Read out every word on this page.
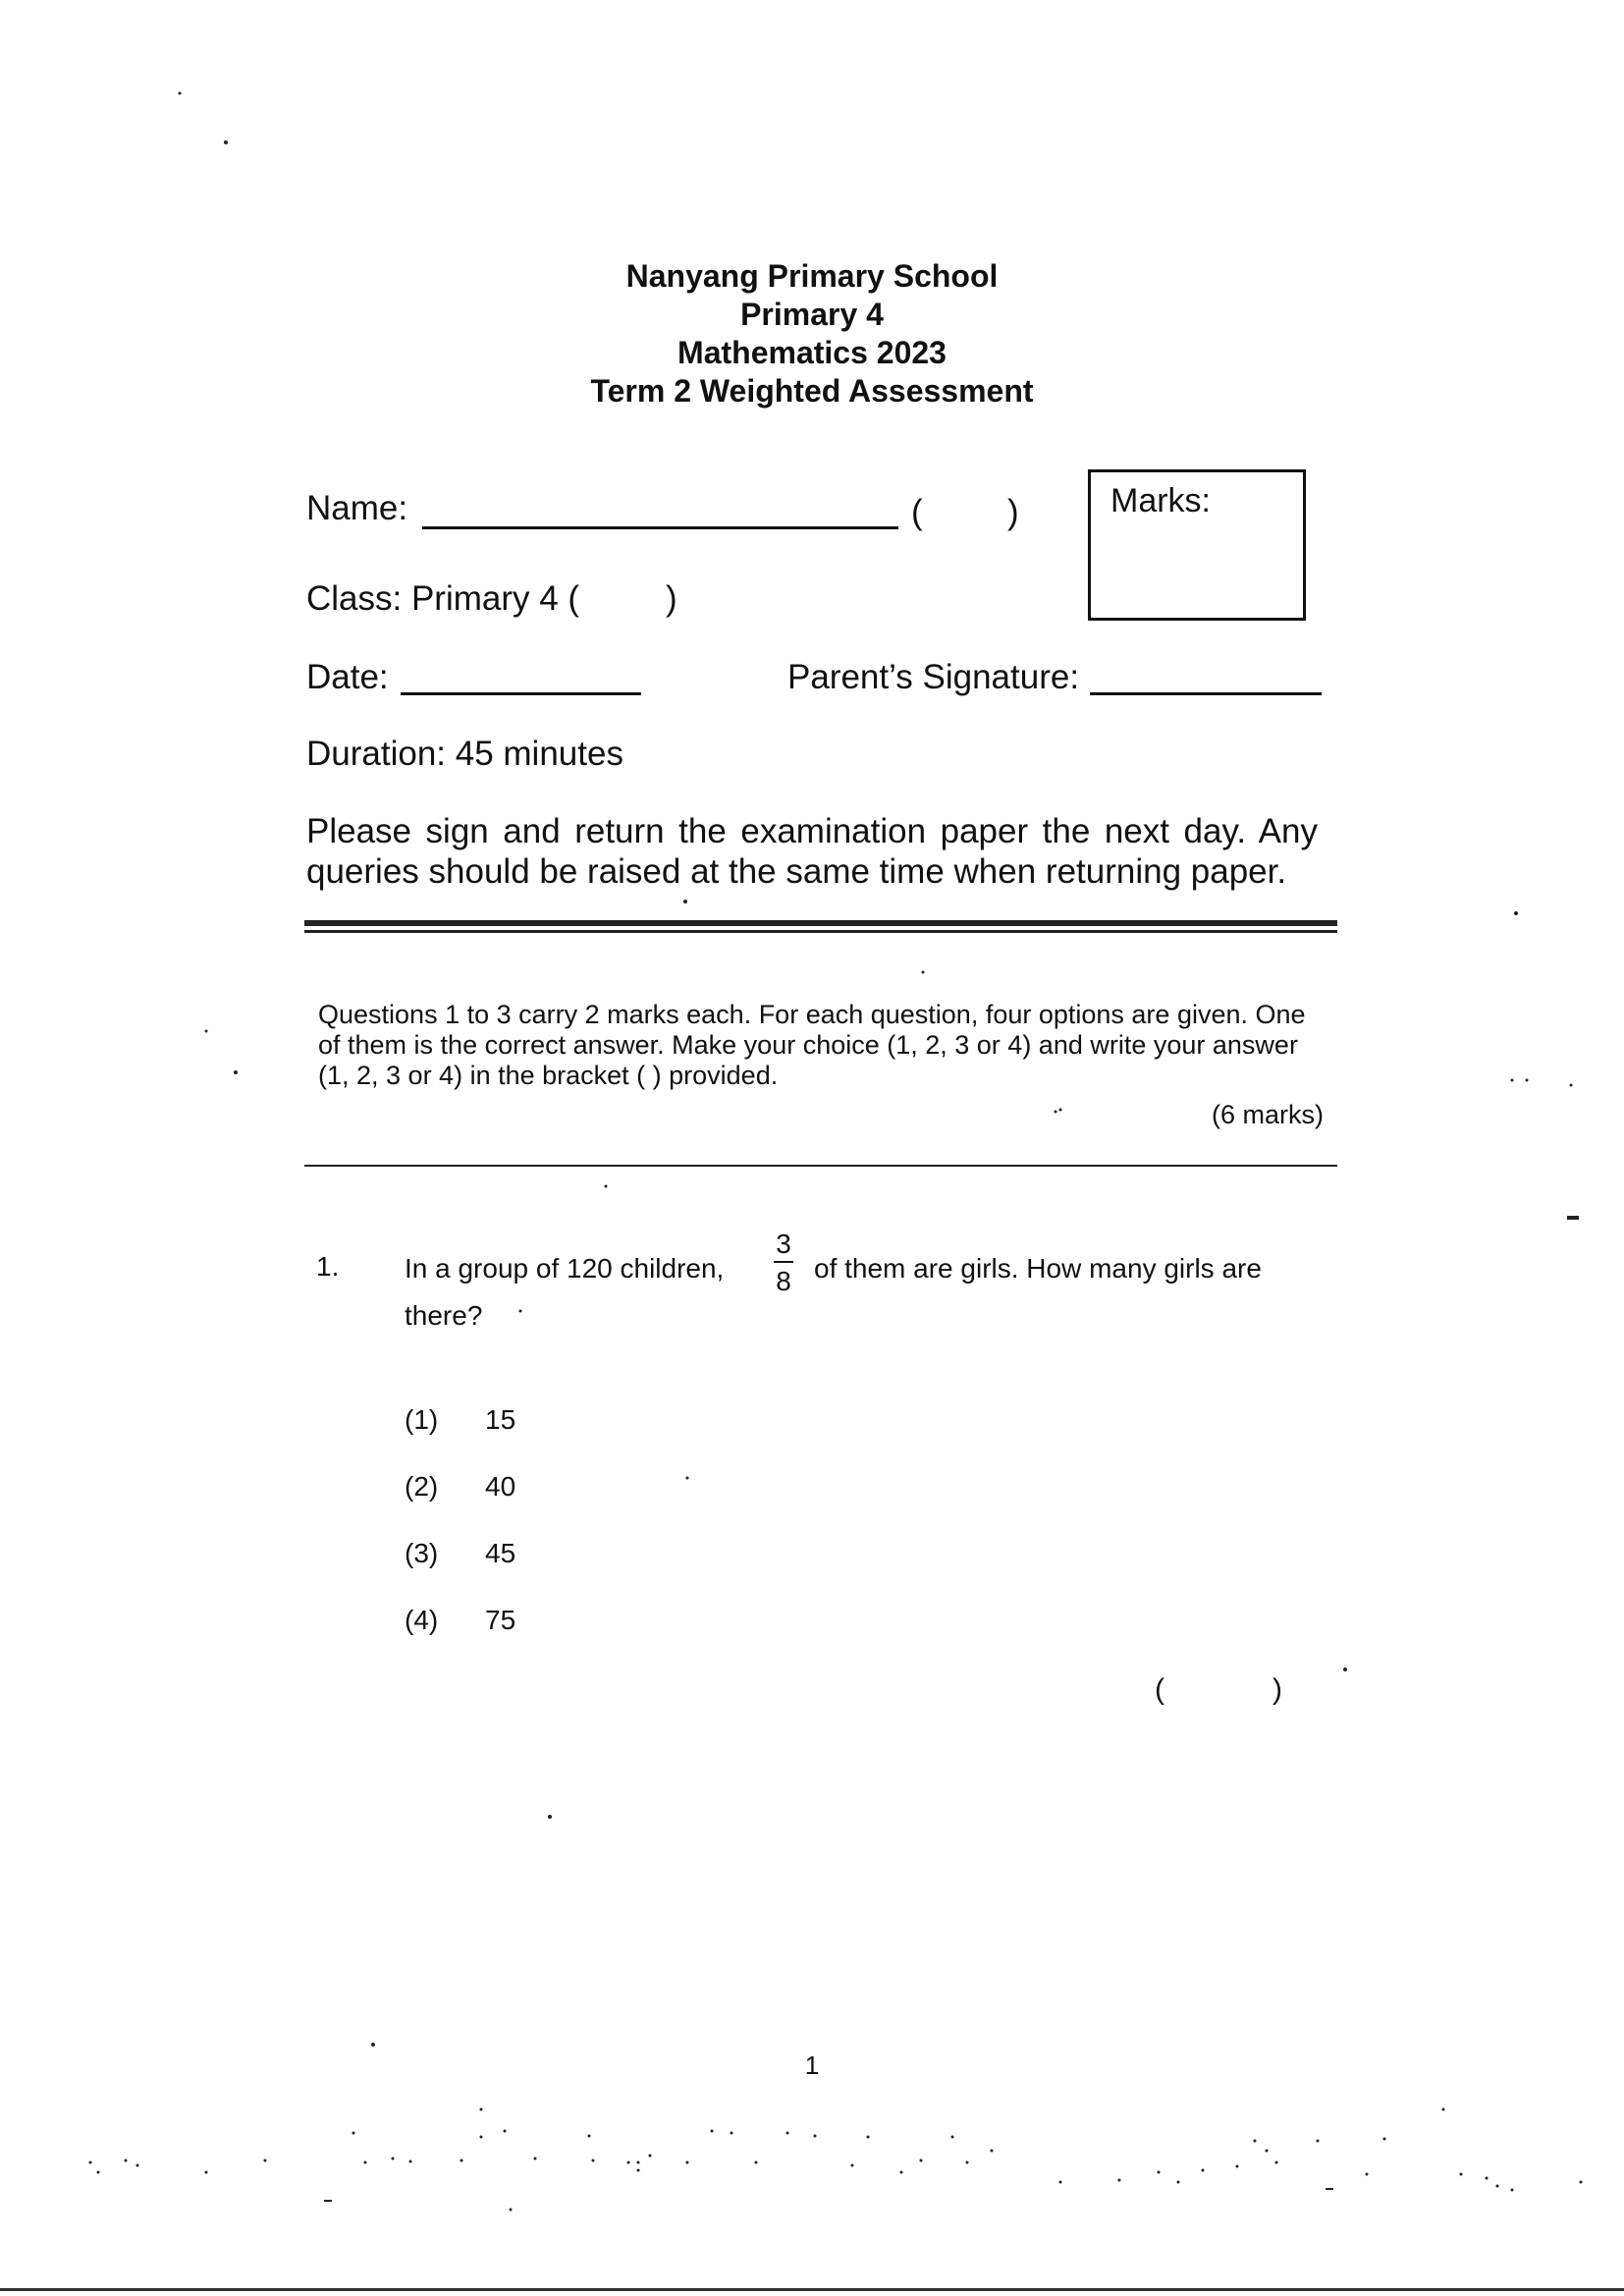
Nanyang Primary School
Primary 4
Mathematics 2023
Term 2 Weighted Assessment
Name:	( )	Marks:
Class: Primary 4 (	)
Date:	Parent’s Signature:
Duration: 45 minutes
Please sign and return the examination paper the next day. Any queries should be raised at the same time when returning paper.
Questions 1 to 3 carry 2 marks each. For each question, four options are given. One of them is the correct answer. Make your choice (1, 2, 3 or 4) and write your answer (1, 2, 3 or 4) in the bracket ( ) provided.
(6 marks)
1. In a group of 120 children,
3
8 of them are girls. How many girls are
there?
(1) 15
(2) 40
(3) 45
(4) 75
(	)
1
